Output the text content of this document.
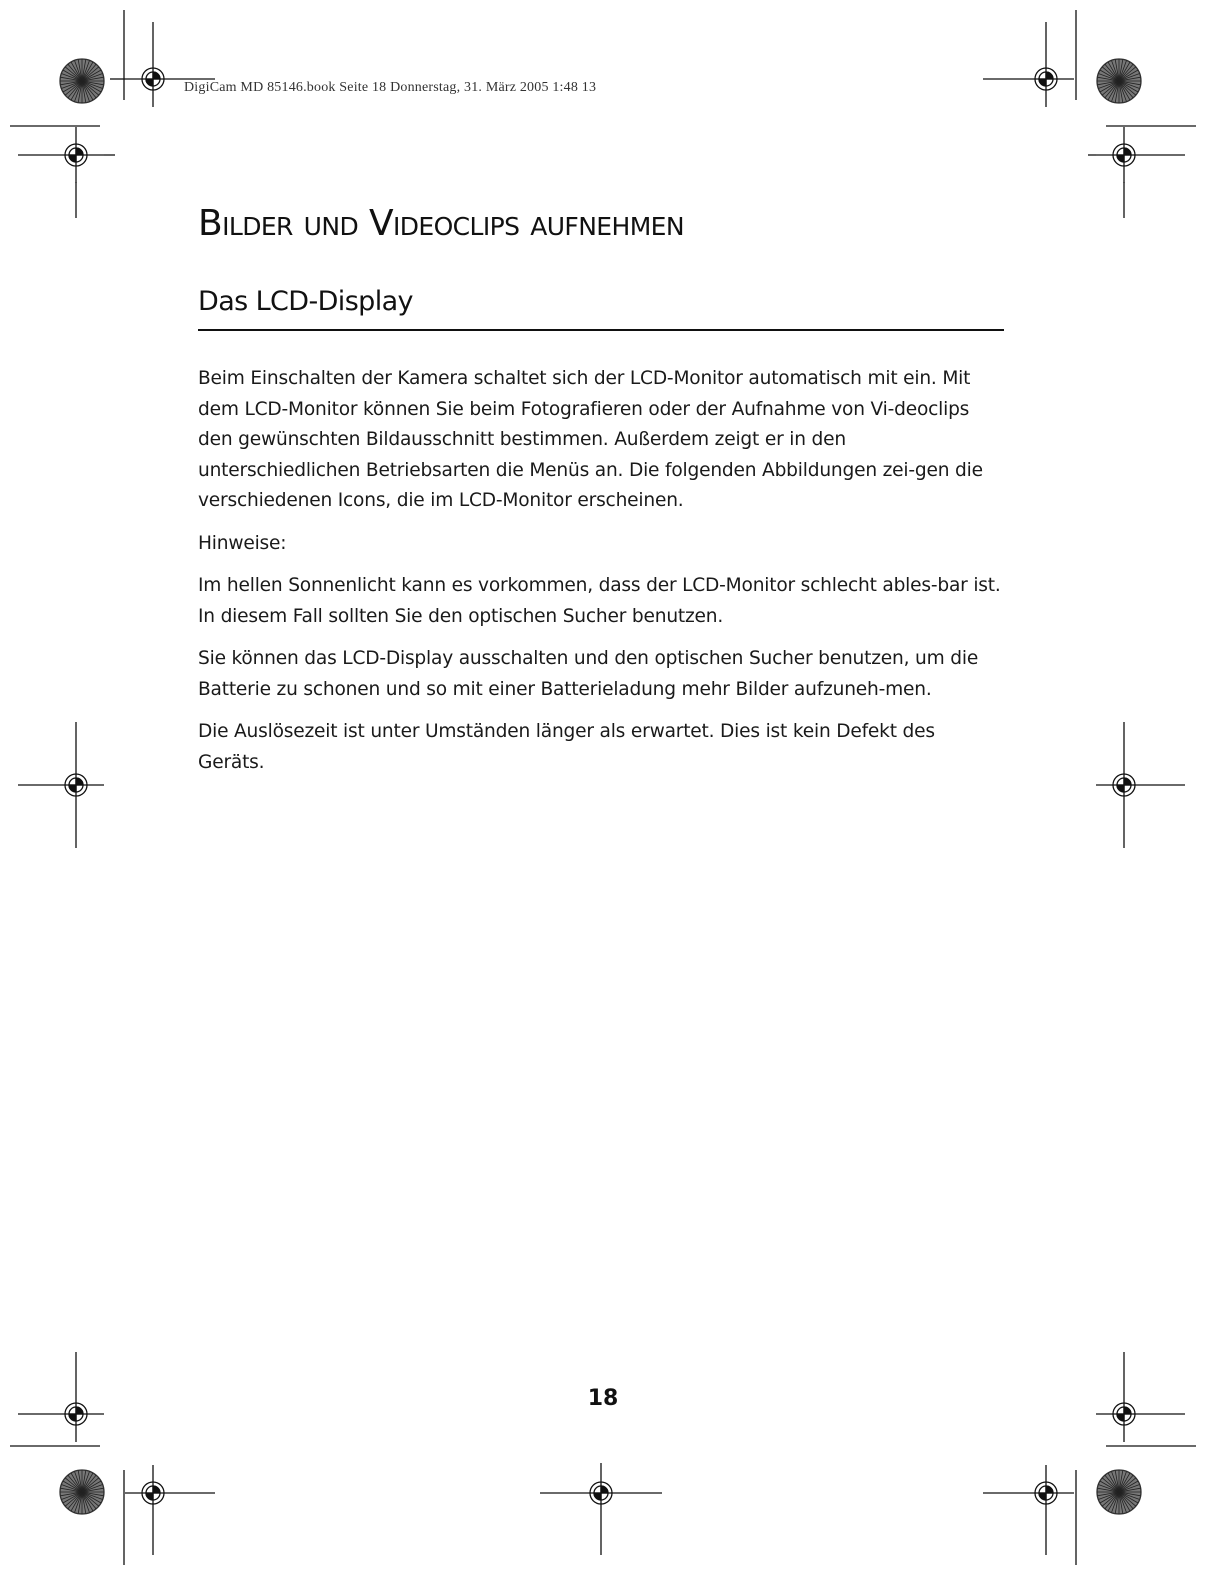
DigiCam MD 85146.book Seite 18 Donnerstag, 31. März 2005 1:48 13
Bilder und Videoclips aufnehmen
Das LCD-Display

Beim Einschalten der Kamera schaltet sich der LCD-Monitor automatisch mit ein. Mit dem LCD-Monitor können Sie beim Fotografieren oder der Aufnahme von Vi-deoclips den gewünschten Bildausschnitt bestimmen. Außerdem zeigt er in den unterschiedlichen Betriebsarten die Menüs an. Die folgenden Abbildungen zei-gen die verschiedenen Icons, die im LCD-Monitor erscheinen.

Hinweise:

Im hellen Sonnenlicht kann es vorkommen, dass der LCD-Monitor schlecht ables-bar ist. In diesem Fall sollten Sie den optischen Sucher benutzen.

Sie können das LCD-Display ausschalten und den optischen Sucher benutzen, um die Batterie zu schonen und so mit einer Batterieladung mehr Bilder aufzuneh-men.

Die Auslösezeit ist unter Umständen länger als erwartet. Dies ist kein Defekt des Geräts.

18
